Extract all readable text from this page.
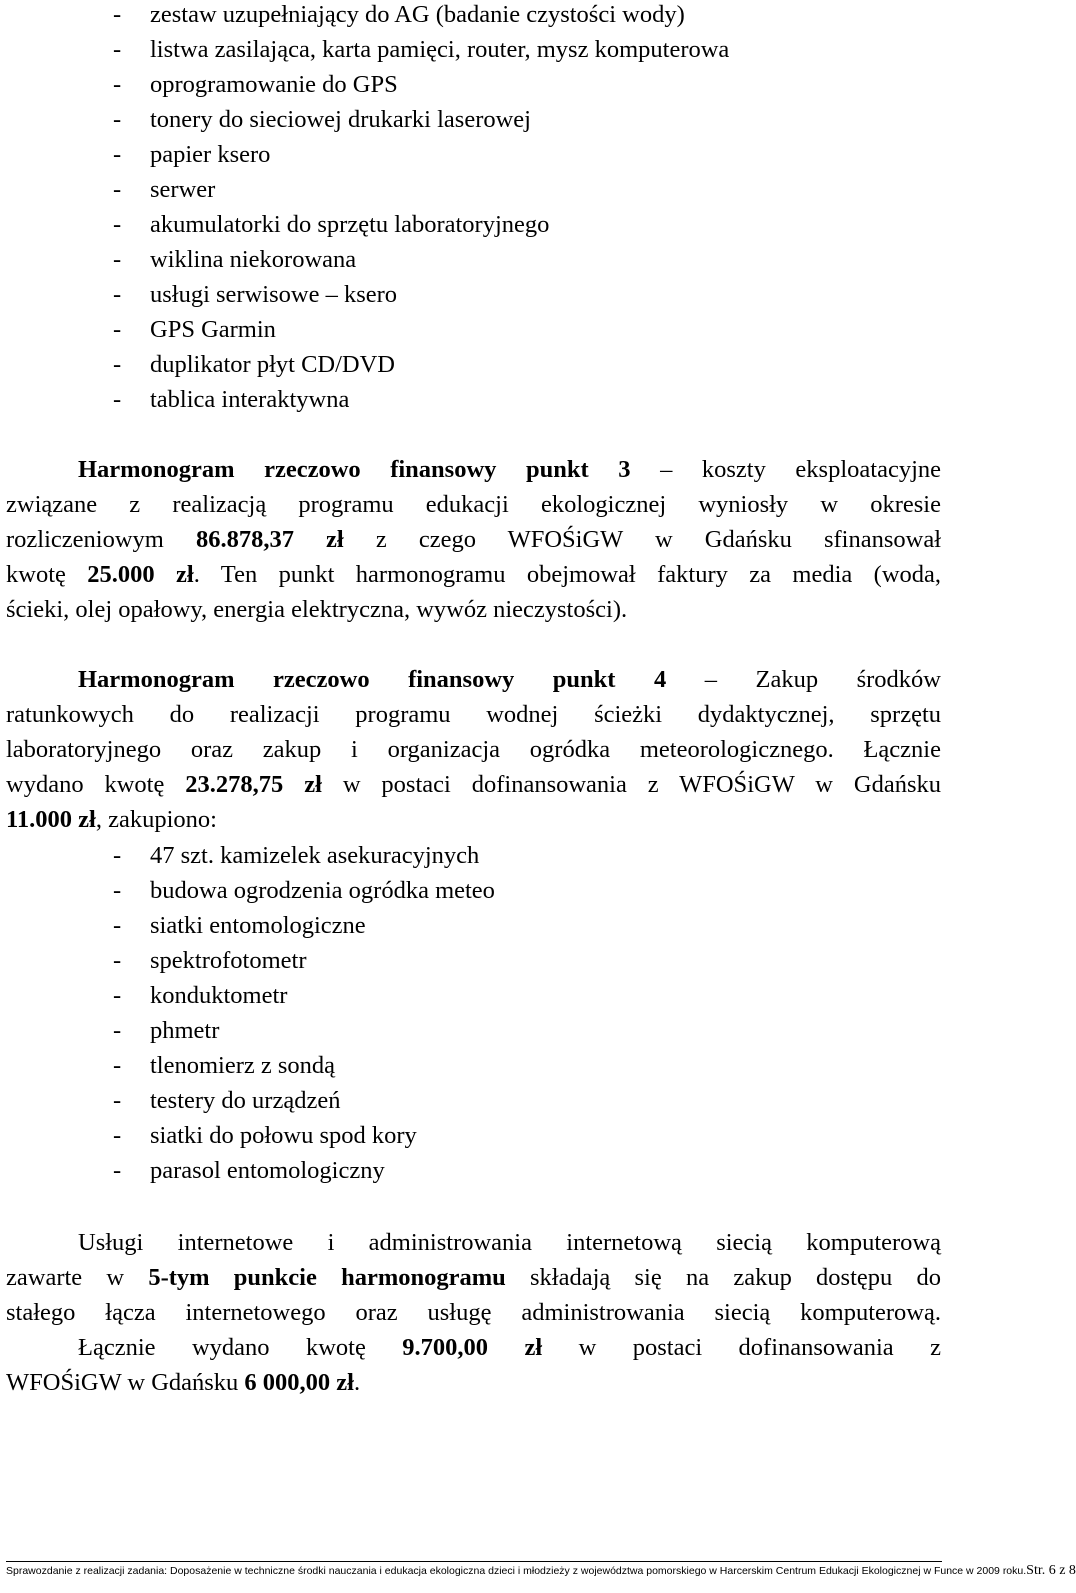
-	zestaw uzupełniający do AG (badanie czystości wody)
-	listwa zasilająca, karta pamięci, router, mysz komputerowa
-	oprogramowanie do GPS
-	tonery do sieciowej drukarki laserowej
-	papier ksero
-	serwer
-	akumulatorki do sprzętu laboratoryjnego
-	wiklina niekorowana
-	usługi serwisowe – ksero
-	GPS Garmin
-	duplikator płyt CD/DVD
-	tablica interaktywna
Harmonogram rzeczowo finansowy punkt 3 – koszty eksploatacyjne
związane z realizacją programu edukacji ekologicznej wyniosły w okresie
rozliczeniowym 86.878,37 zł z czego WFOŚiGW w Gdańsku sfinansował
kwotę 25.000 zł. Ten punkt harmonogramu obejmował faktury za media (woda,
ścieki, olej opałowy, energia elektryczna, wywóz nieczystości).
Harmonogram rzeczowo finansowy punkt 4 – Zakup środków
ratunkowych do realizacji programu wodnej ścieżki dydaktycznej, sprzętu
laboratoryjnego oraz zakup i organizacja ogródka meteorologicznego. Łącznie
wydano kwotę 23.278,75 zł w postaci dofinansowania z WFOŚiGW w Gdańsku
11.000 zł, zakupiono:
-	47 szt. kamizelek asekuracyjnych
-	budowa ogrodzenia ogródka meteo
-	siatki entomologiczne
-	spektrofotometr
-	konduktometr
-	phmetr
-	tlenomierz z sondą
-	testery do urządzeń
-	siatki do połowu spod kory
-	parasol entomologiczny
Usługi internetowe i administrowania internetową siecią komputerową
zawarte w 5-tym punkcie harmonogramu składają się na zakup dostępu do
stałego łącza internetowego oraz usługę administrowania siecią komputerową.
Łącznie wydano kwotę 9.700,00 zł w postaci dofinansowania z
WFOŚiGW w Gdańsku 6 000,00 zł.
Sprawozdanie z realizacji zadania: Doposażenie w techniczne środki nauczania i edukacja ekologiczna dzieci i młodzieży z województwa pomorskiego w Harcerskim Centrum Edukacji Ekologicznej w Funce w 2009 roku. Str. 6 z 8
